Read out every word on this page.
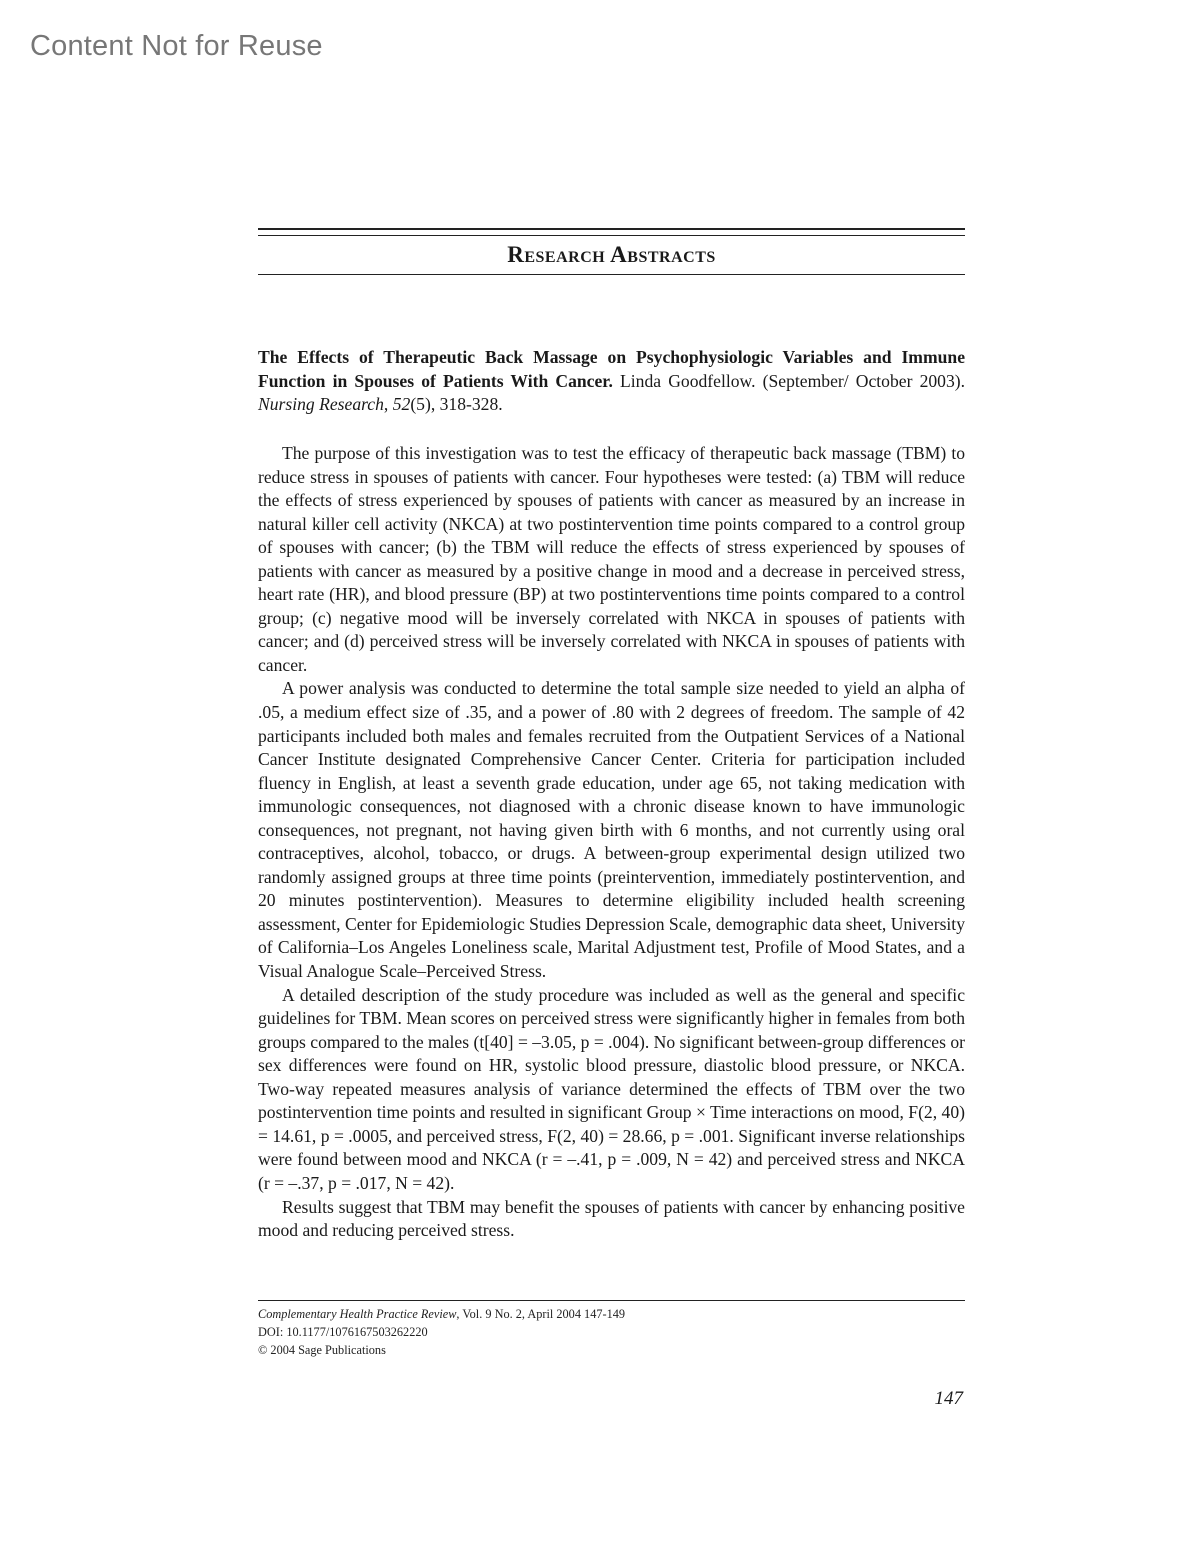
Content Not for Reuse
Research Abstracts
The Effects of Therapeutic Back Massage on Psychophysiologic Variables and Immune Function in Spouses of Patients With Cancer. Linda Goodfellow. (September/ October 2003). Nursing Research, 52(5), 318-328.

The purpose of this investigation was to test the efficacy of therapeutic back massage (TBM) to reduce stress in spouses of patients with cancer. Four hypotheses were tested: (a) TBM will reduce the effects of stress experienced by spouses of patients with cancer as measured by an increase in natural killer cell activity (NKCA) at two postintervention time points compared to a control group of spouses with cancer; (b) the TBM will reduce the effects of stress experienced by spouses of patients with cancer as measured by a positive change in mood and a decrease in perceived stress, heart rate (HR), and blood pressure (BP) at two postinterventions time points compared to a control group; (c) negative mood will be inversely correlated with NKCA in spouses of patients with cancer; and (d) perceived stress will be inversely correlated with NKCA in spouses of patients with cancer.

A power analysis was conducted to determine the total sample size needed to yield an alpha of .05, a medium effect size of .35, and a power of .80 with 2 degrees of freedom. The sample of 42 participants included both males and females recruited from the Outpatient Services of a National Cancer Institute designated Comprehensive Cancer Center. Criteria for participation included fluency in English, at least a seventh grade education, under age 65, not taking medication with immunologic consequences, not diagnosed with a chronic disease known to have immunologic consequences, not pregnant, not having given birth with 6 months, and not currently using oral contraceptives, alcohol, tobacco, or drugs. A between-group experimental design utilized two randomly assigned groups at three time points (preintervention, immediately postintervention, and 20 minutes postintervention). Measures to determine eligibility included health screening assessment, Center for Epidemiologic Studies Depression Scale, demographic data sheet, University of California–Los Angeles Loneliness scale, Marital Adjustment test, Profile of Mood States, and a Visual Analogue Scale–Perceived Stress.

A detailed description of the study procedure was included as well as the general and specific guidelines for TBM. Mean scores on perceived stress were significantly higher in females from both groups compared to the males (t[40] = –3.05, p = .004). No significant between-group differences or sex differences were found on HR, systolic blood pressure, diastolic blood pressure, or NKCA. Two-way repeated measures analysis of variance determined the effects of TBM over the two postintervention time points and resulted in significant Group × Time interactions on mood, F(2, 40) = 14.61, p = .0005, and perceived stress, F(2, 40) = 28.66, p = .001. Significant inverse relationships were found between mood and NKCA (r = –.41, p = .009, N = 42) and perceived stress and NKCA (r = –.37, p = .017, N = 42).

Results suggest that TBM may benefit the spouses of patients with cancer by enhancing positive mood and reducing perceived stress.

Complementary Health Practice Review, Vol. 9 No. 2, April 2004 147-149
DOI: 10.1177/1076167503262220
© 2004 Sage Publications
147
